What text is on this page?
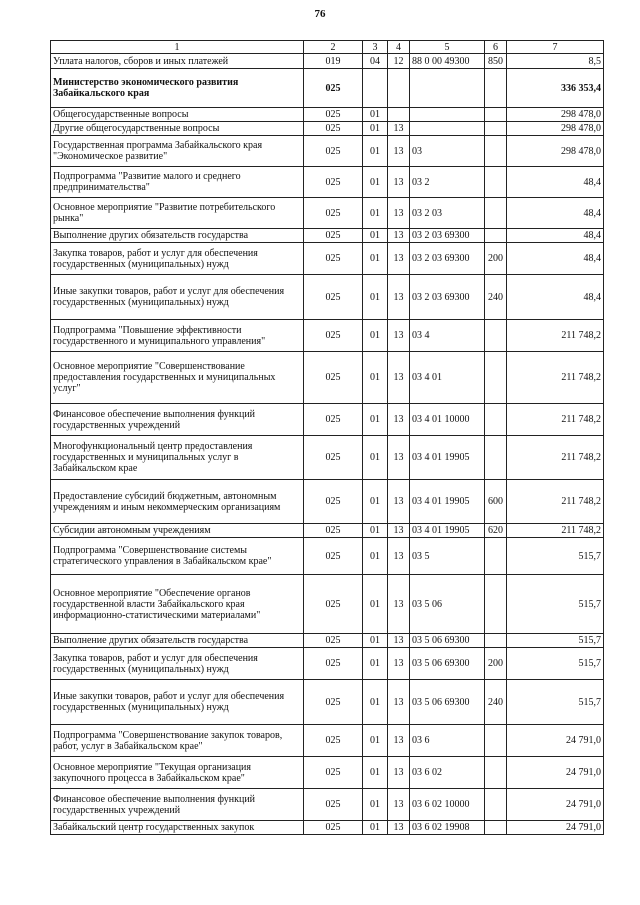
76
1	2	3	4	5	6	7
Уплата налогов, сборов и иных платежей	019	04	12	88 0 00 49300	850	8,5
Министерство экономического развития Забайкальского края	025					336 353,4
Общегосударственные вопросы	025	01				298 478,0
Другие общегосударственные вопросы	025	01	13			298 478,0
Государственная программа Забайкальского края "Экономическое развитие"	025	01	13	03		298 478,0
Подпрограмма "Развитие малого и среднего предпринимательства"	025	01	13	03 2		48,4
Основное мероприятие "Развитие потребительского рынка"	025	01	13	03 2 03		48,4
Выполнение других обязательств государства	025	01	13	03 2 03 69300		48,4
Закупка товаров, работ и услуг для обеспечения государственных (муниципальных) нужд	025	01	13	03 2 03 69300	200	48,4
Иные закупки товаров, работ и услуг для обеспечения государственных (муниципальных) нужд	025	01	13	03 2 03 69300	240	48,4
Подпрограмма "Повышение эффективности государственного и муниципального управления"	025	01	13	03 4		211 748,2
Основное мероприятие "Совершенствование предоставления государственных и муниципальных услуг"	025	01	13	03 4 01		211 748,2
Финансовое обеспечение выполнения функций государственных учреждений	025	01	13	03 4 01 10000		211 748,2
Многофункциональный центр предоставления государственных и муниципальных услуг в Забайкальском крае	025	01	13	03 4 01 19905		211 748,2
Предоставление субсидий бюджетным, автономным учреждениям и иным некоммерческим организациям	025	01	13	03 4 01 19905	600	211 748,2
Субсидии автономным учреждениям	025	01	13	03 4 01 19905	620	211 748,2
Подпрограмма "Совершенствование системы стратегического управления в Забайкальском крае"	025	01	13	03 5		515,7
Основное мероприятие "Обеспечение органов государственной власти Забайкальского края информационно-статистическими материалами"	025	01	13	03 5 06		515,7
Выполнение других обязательств государства	025	01	13	03 5 06 69300		515,7
Закупка товаров, работ и услуг для обеспечения государственных (муниципальных) нужд	025	01	13	03 5 06 69300	200	515,7
Иные закупки товаров, работ и услуг для обеспечения государственных (муниципальных) нужд	025	01	13	03 5 06 69300	240	515,7
Подпрограмма "Совершенствование закупок товаров, работ, услуг в Забайкальском крае"	025	01	13	03 6		24 791,0
Основное мероприятие "Текущая организация закупочного процесса в Забайкальском крае"	025	01	13	03 6 02		24 791,0
Финансовое обеспечение выполнения функций государственных учреждений	025	01	13	03 6 02 10000		24 791,0
Забайкальский центр государственных закупок	025	01	13	03 6 02 19908		24 791,0
